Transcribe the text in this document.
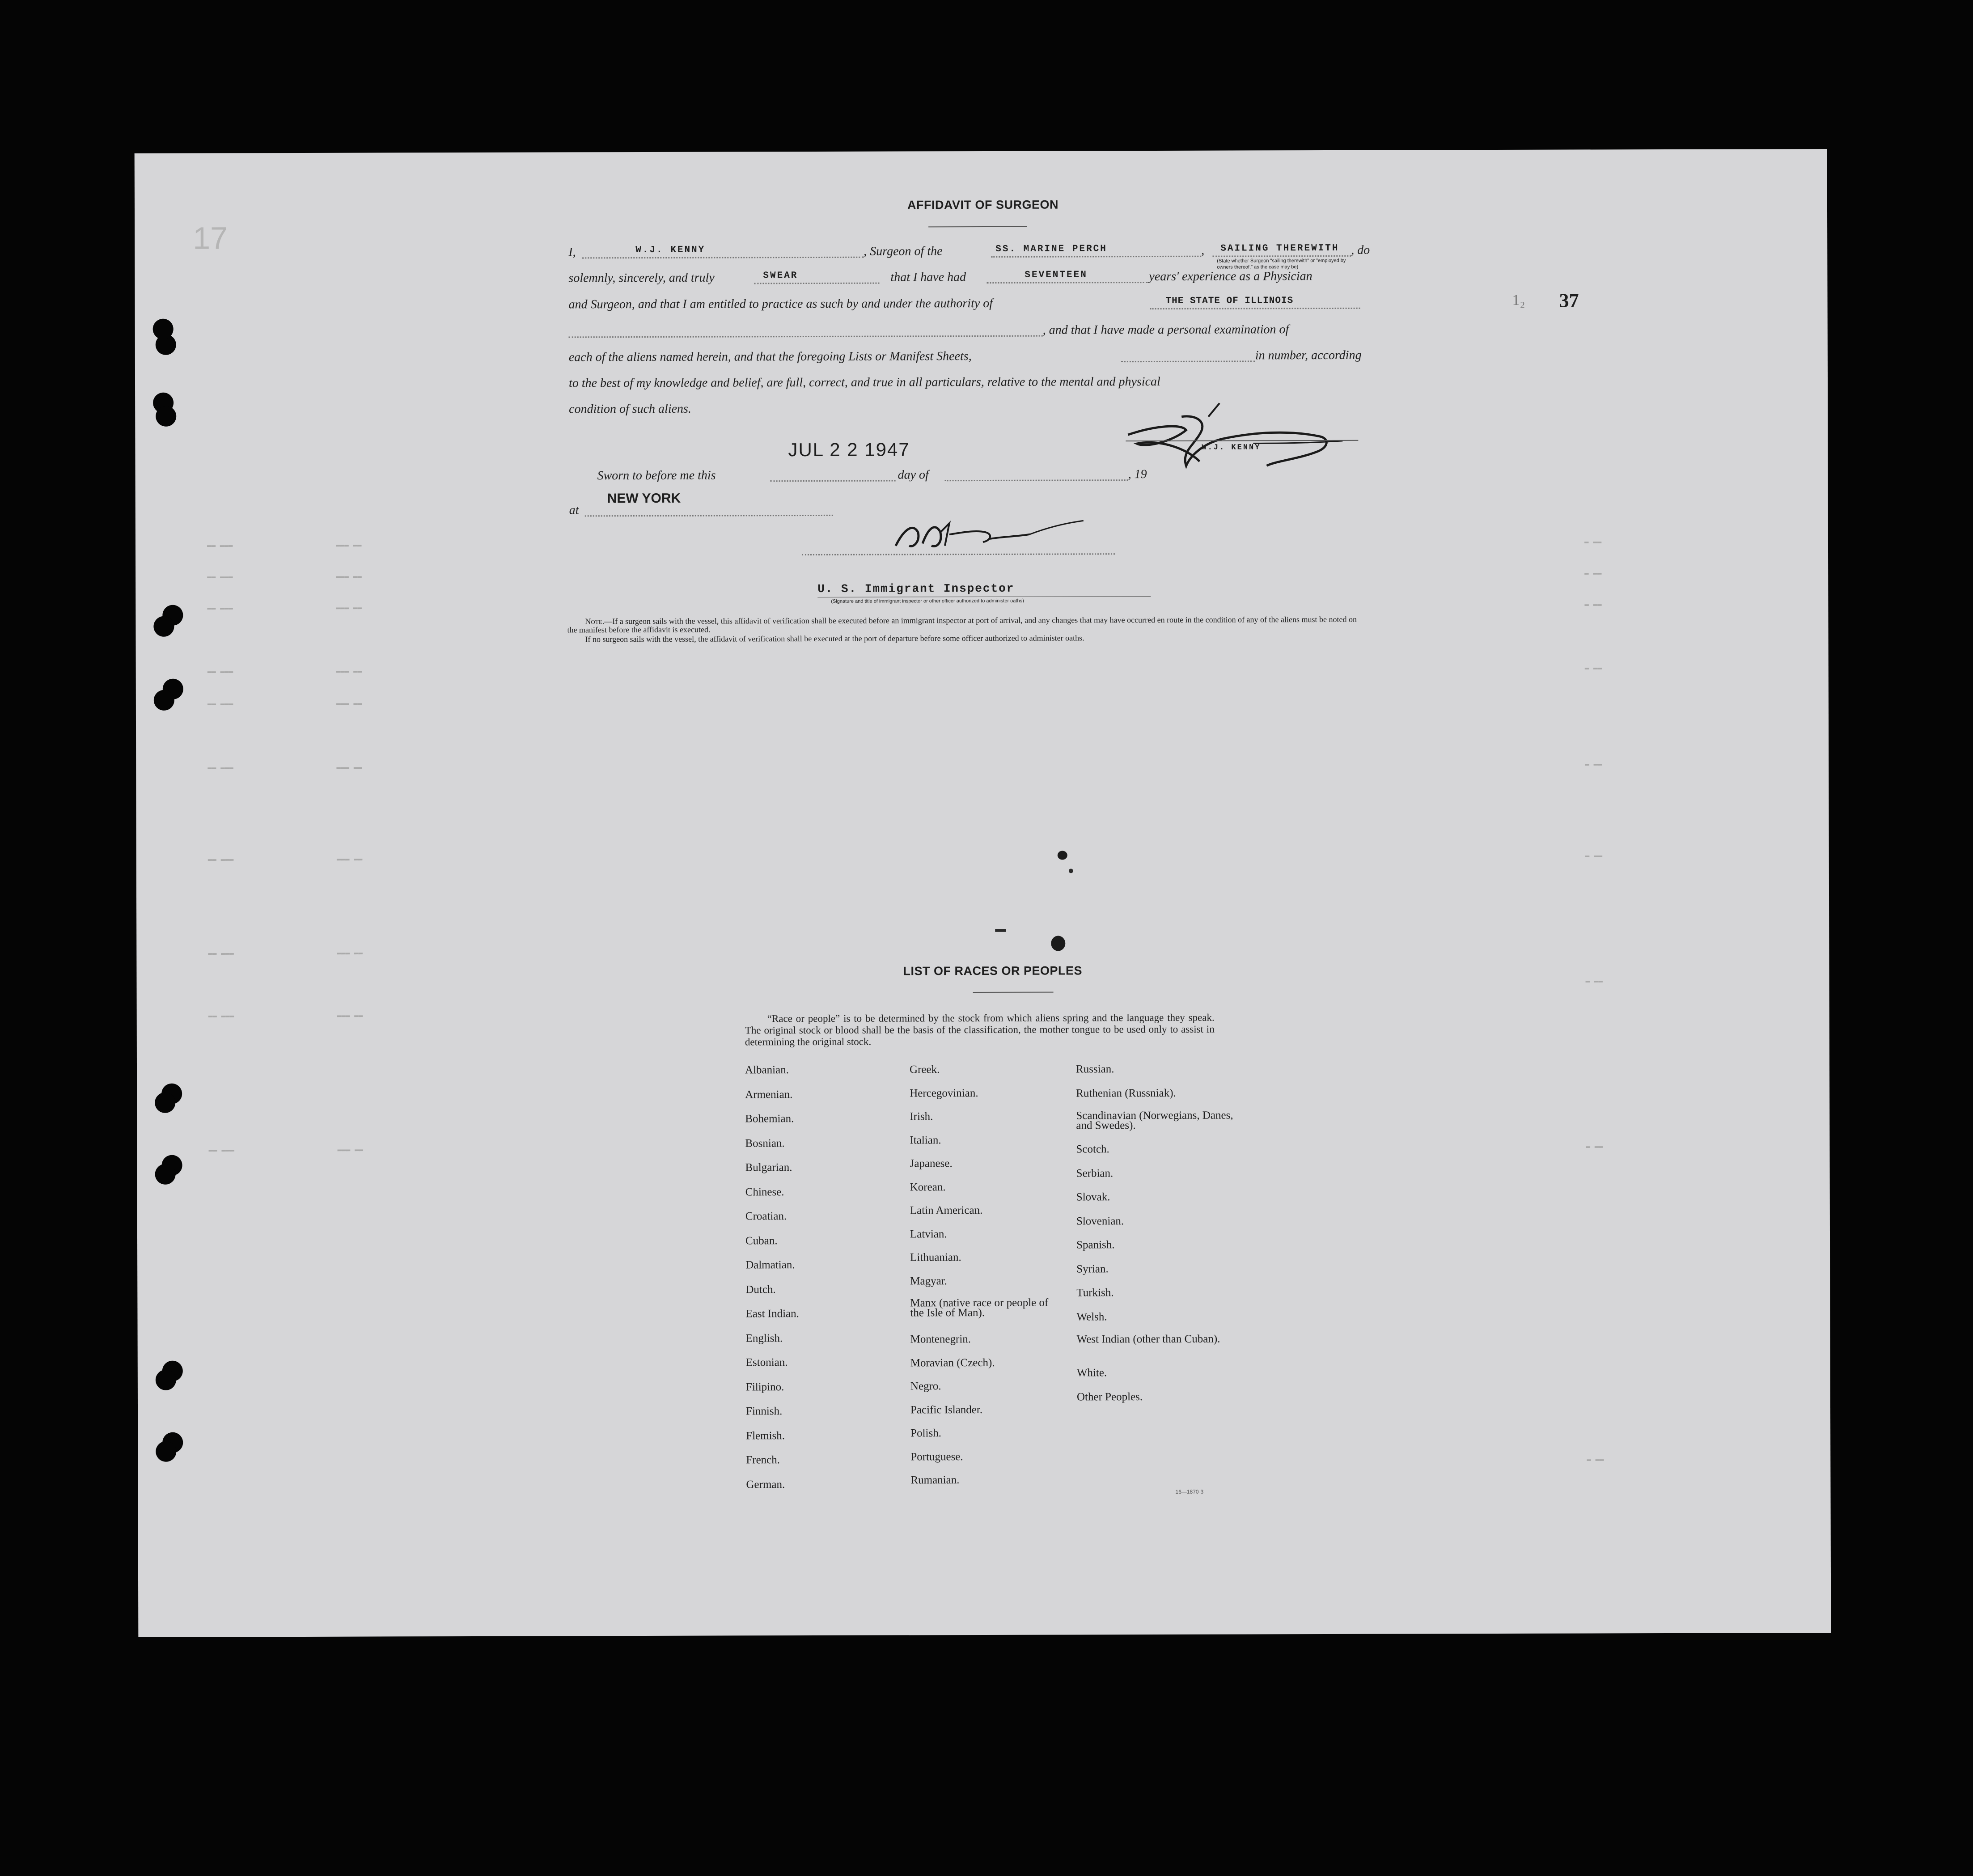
17
▬▬ ▬▬▬                        ▬▬▬ ▬▬
▬▬ ▬▬▬                        ▬▬▬ ▬▬
▬▬ ▬▬▬                        ▬▬▬ ▬▬
▬▬ ▬▬▬                        ▬▬▬ ▬▬
▬▬ ▬▬▬                        ▬▬▬ ▬▬
▬▬ ▬▬▬                        ▬▬▬ ▬▬
▬▬ ▬▬▬                        ▬▬▬ ▬▬
▬▬ ▬▬▬                        ▬▬▬ ▬▬
▬▬ ▬▬▬                        ▬▬▬ ▬▬
▬▬ ▬▬▬                        ▬▬▬ ▬▬
▬ ▬▬
▬ ▬▬
▬ ▬▬
▬ ▬▬
▬ ▬▬
▬ ▬▬
▬ ▬▬
▬ ▬▬
▬ ▬▬
AFFIDAVIT OF SURGEON
I,	W.J. KENNY	, Surgeon of the	SS. MARINE PERCH	, SAILING THEREWITH , do
(State whether Surgeon "sailing therewith" or "employed by owners thereof," as the case may be)
solemnly, sincerely, and truly	SWEAR	that I have had	SEVENTEEN	years' experience as a Physician
and Surgeon, and that I am entitled to practice as such by and under the authority of	THE STATE OF ILLINOIS	1₂ 37
, and that I have made a personal examination of
each of the aliens named herein, and that the foregoing Lists or Manifest Sheets,	in number, according
to the best of my knowledge and belief, are full, correct, and true in all particulars, relative to the mental and physical
condition of such aliens.
W.J. KENNY
JUL 2 2 1947
Sworn to before me this	day of	, 19
at
NEW YORK
U. S. Immigrant Inspector
(Signature and title of immigrant inspector or other officer authorized to administer oaths)
Note.—If a surgeon sails with the vessel, this affidavit of verification shall be executed before an immigrant inspector at port of arrival, and any changes that may have occurred en route in the condition of any of the aliens must be noted on the manifest before the affidavit is executed.
If no surgeon sails with the vessel, the affidavit of verification shall be executed at the port of departure before some officer authorized to administer oaths.
LIST OF RACES OR PEOPLES
“Race or people” is to be determined by the stock from which aliens spring and the language they speak. The original stock or blood shall be the basis of the classification, the mother tongue to be used only to assist in determining the original stock.
16—1870-3
Albanian.
Armenian.
Bohemian.
Bosnian.
Bulgarian.
Chinese.
Croatian.
Cuban.
Dalmatian.
Dutch.
East Indian.
English.
Estonian.
Filipino.
Finnish.
Flemish.
French.
German.
Greek.
Hercegovinian.
Irish.
Italian.
Japanese.
Korean.
Latin American.
Latvian.
Lithuanian.
Magyar.
Manx (native race or people of the Isle of Man).
Montenegrin.
Moravian (Czech).
Negro.
Pacific Islander.
Polish.
Portuguese.
Rumanian.
Russian.
Ruthenian (Russniak).
Scandinavian (Norwegians, Danes, and Swedes).
Scotch.
Serbian.
Slovak.
Slovenian.
Spanish.
Syrian.
Turkish.
Welsh.
West Indian (other than Cuban).
White.
Other Peoples.
